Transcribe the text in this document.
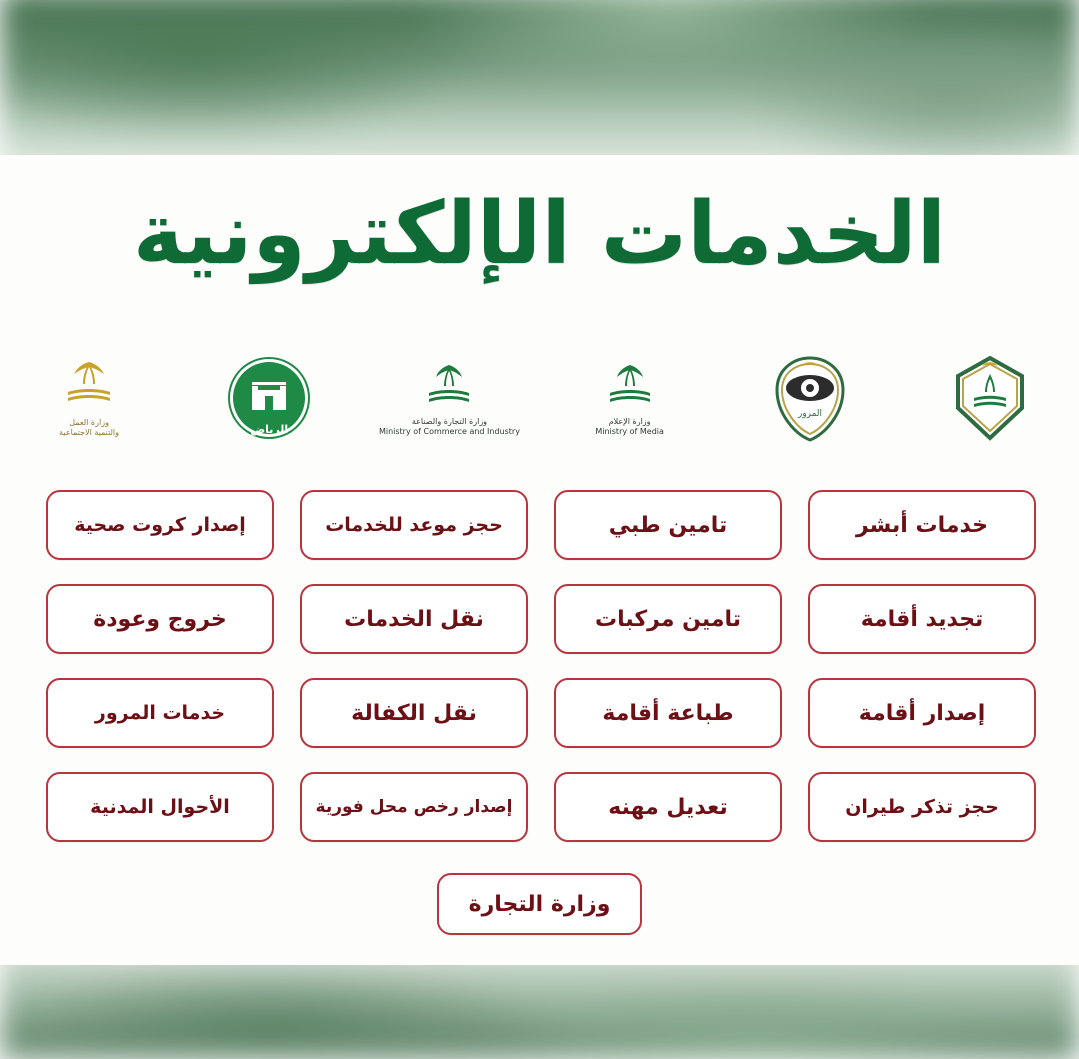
الخدمات الإلكترونية
وزارة العمل
والتنمية الاجتماعية	الرياض
وزارة التجارة والصناعة
Ministry of Commerce and Industry
وزارة الإعلام
Ministry of Media
المرور
خدمات أبشر
تامين طبي
حجز موعد للخدمات
إصدار كروت صحية
تجديد أقامة
تامين مركبات
نقل الخدمات
خروج وعودة
إصدار أقامة
طباعة أقامة
نقل الكفالة
خدمات المرور
حجز تذكر طيران
تعديل مهنه
إصدار رخص محل فورية
الأحوال المدنية
وزارة التجارة
